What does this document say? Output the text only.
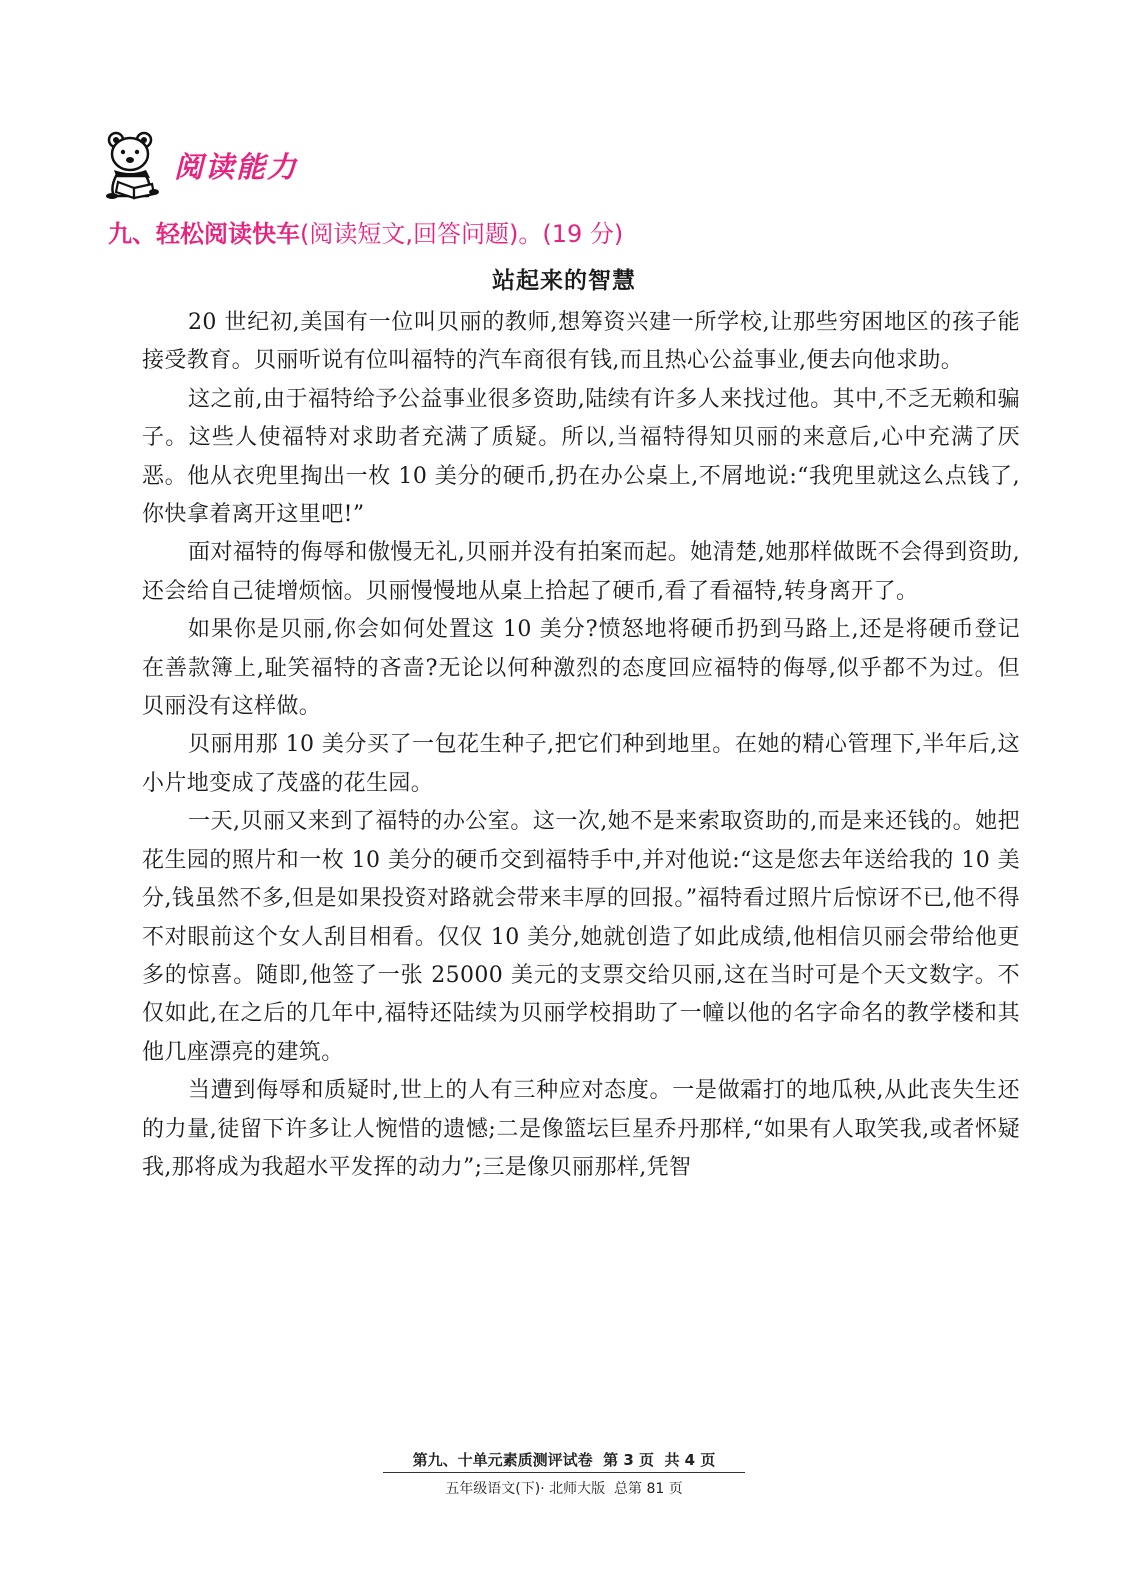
阅读能力
九、轻松阅读快车(阅读短文,回答问题)。(19 分)
站起来的智慧

20 世纪初,美国有一位叫贝丽的教师,想筹资兴建一所学校,让那些穷困地区的孩子能接受教育。贝丽听说有位叫福特的汽车商很有钱,而且热心公益事业,便去向他求助。

这之前,由于福特给予公益事业很多资助,陆续有许多人来找过他。其中,不乏无赖和骗子。这些人使福特对求助者充满了质疑。所以,当福特得知贝丽的来意后,心中充满了厌恶。他从衣兜里掏出一枚 10 美分的硬币,扔在办公桌上,不屑地说:“我兜里就这么点钱了,你快拿着离开这里吧!”

面对福特的侮辱和傲慢无礼,贝丽并没有拍案而起。她清楚,她那样做既不会得到资助,还会给自己徒增烦恼。贝丽慢慢地从桌上拾起了硬币,看了看福特,转身离开了。

如果你是贝丽,你会如何处置这 10 美分?愤怒地将硬币扔到马路上,还是将硬币登记在善款簿上,耻笑福特的吝啬?无论以何种激烈的态度回应福特的侮辱,似乎都不为过。但贝丽没有这样做。

贝丽用那 10 美分买了一包花生种子,把它们种到地里。在她的精心管理下,半年后,这小片地变成了茂盛的花生园。

一天,贝丽又来到了福特的办公室。这一次,她不是来索取资助的,而是来还钱的。她把花生园的照片和一枚 10 美分的硬币交到福特手中,并对他说:“这是您去年送给我的 10 美分,钱虽然不多,但是如果投资对路就会带来丰厚的回报。”福特看过照片后惊讶不已,他不得不对眼前这个女人刮目相看。仅仅 10 美分,她就创造了如此成绩,他相信贝丽会带给他更多的惊喜。随即,他签了一张 25000 美元的支票交给贝丽,这在当时可是个天文数字。不仅如此,在之后的几年中,福特还陆续为贝丽学校捐助了一幢以他的名字命名的教学楼和其他几座漂亮的建筑。

当遭到侮辱和质疑时,世上的人有三种应对态度。一是做霜打的地瓜秧,从此丧失生还的力量,徒留下许多让人惋惜的遗憾;二是像篮坛巨星乔丹那样,“如果有人取笑我,或者怀疑我,那将成为我超水平发挥的动力”;三是像贝丽那样,凭智

第九、十单元素质测评试卷  第 3 页  共 4 页
五年级语文(下)· 北师大版  总第 81 页
